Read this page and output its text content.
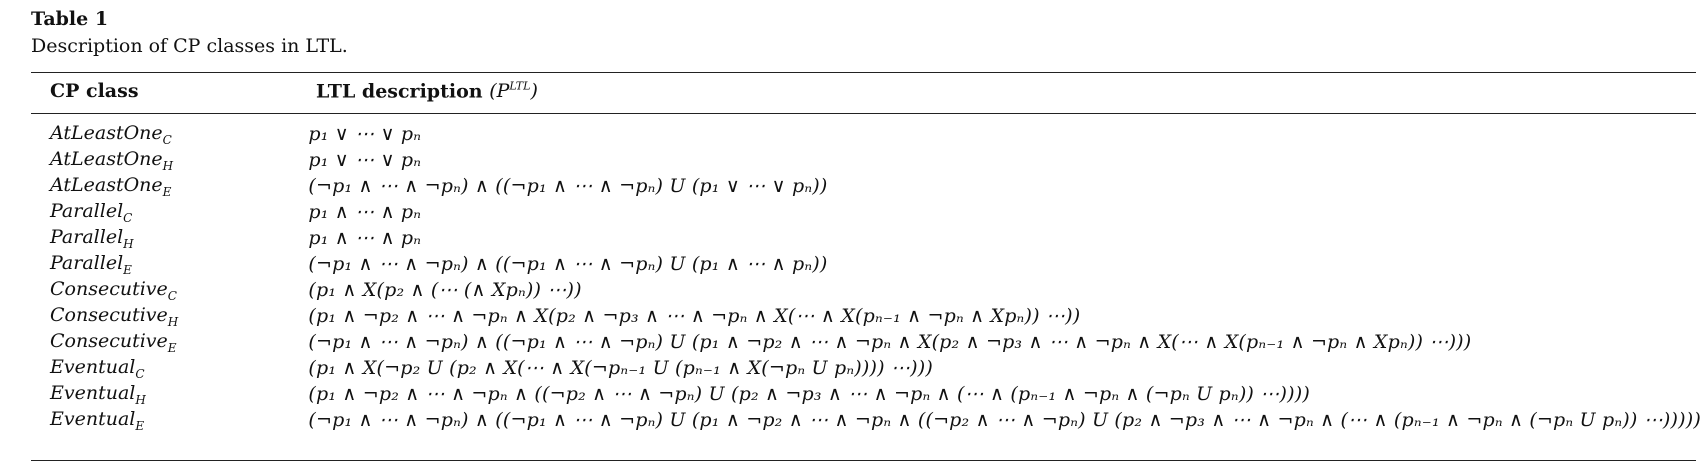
Table 1
Description of CP classes in LTL.
CP class	LTL description $(P^{LTL})$
AtLeastOne$_C$	p₁ ∨ ⋯ ∨ pₙ
AtLeastOne$_H$	p₁ ∨ ⋯ ∨ pₙ
AtLeastOne$_E$	(¬p₁ ∧ ⋯ ∧ ¬pₙ) ∧ ((¬p₁ ∧ ⋯ ∧ ¬pₙ) U (p₁ ∨ ⋯ ∨ pₙ))
Parallel$_C$	p₁ ∧ ⋯ ∧ pₙ
Parallel$_H$	p₁ ∧ ⋯ ∧ pₙ
Parallel$_E$	(¬p₁ ∧ ⋯ ∧ ¬pₙ) ∧ ((¬p₁ ∧ ⋯ ∧ ¬pₙ) U (p₁ ∧ ⋯ ∧ pₙ))
Consecutive$_C$	(p₁ ∧ X(p₂ ∧ (⋯ (∧ Xpₙ)) ⋯))
Consecutive$_H$	(p₁ ∧ ¬p₂ ∧ ⋯ ∧ ¬pₙ ∧ X(p₂ ∧ ¬p₃ ∧ ⋯ ∧ ¬pₙ ∧ X(⋯ ∧ X(pₙ₋₁ ∧ ¬pₙ ∧ Xpₙ)) ⋯))
Consecutive$_E$	(¬p₁ ∧ ⋯ ∧ ¬pₙ) ∧ ((¬p₁ ∧ ⋯ ∧ ¬pₙ) U (p₁ ∧ ¬p₂ ∧ ⋯ ∧ ¬pₙ ∧ X(p₂ ∧ ¬p₃ ∧ ⋯ ∧ ¬pₙ ∧ X(⋯ ∧ X(pₙ₋₁ ∧ ¬pₙ ∧ Xpₙ)) ⋯)))
Eventual$_C$	(p₁ ∧ X(¬p₂ U (p₂ ∧ X(⋯ ∧ X(¬pₙ₋₁ U (pₙ₋₁ ∧ X(¬pₙ U pₙ)))) ⋯)))
Eventual$_H$	(p₁ ∧ ¬p₂ ∧ ⋯ ∧ ¬pₙ ∧ ((¬p₂ ∧ ⋯ ∧ ¬pₙ) U (p₂ ∧ ¬p₃ ∧ ⋯ ∧ ¬pₙ ∧ (⋯ ∧ (pₙ₋₁ ∧ ¬pₙ ∧ (¬pₙ U pₙ)) ⋯))))
Eventual$_E$	(¬p₁ ∧ ⋯ ∧ ¬pₙ) ∧ ((¬p₁ ∧ ⋯ ∧ ¬pₙ) U (p₁ ∧ ¬p₂ ∧ ⋯ ∧ ¬pₙ ∧ ((¬p₂ ∧ ⋯ ∧ ¬pₙ) U (p₂ ∧ ¬p₃ ∧ ⋯ ∧ ¬pₙ ∧ (⋯ ∧ (pₙ₋₁ ∧ ¬pₙ ∧ (¬pₙ U pₙ)) ⋯)))))
